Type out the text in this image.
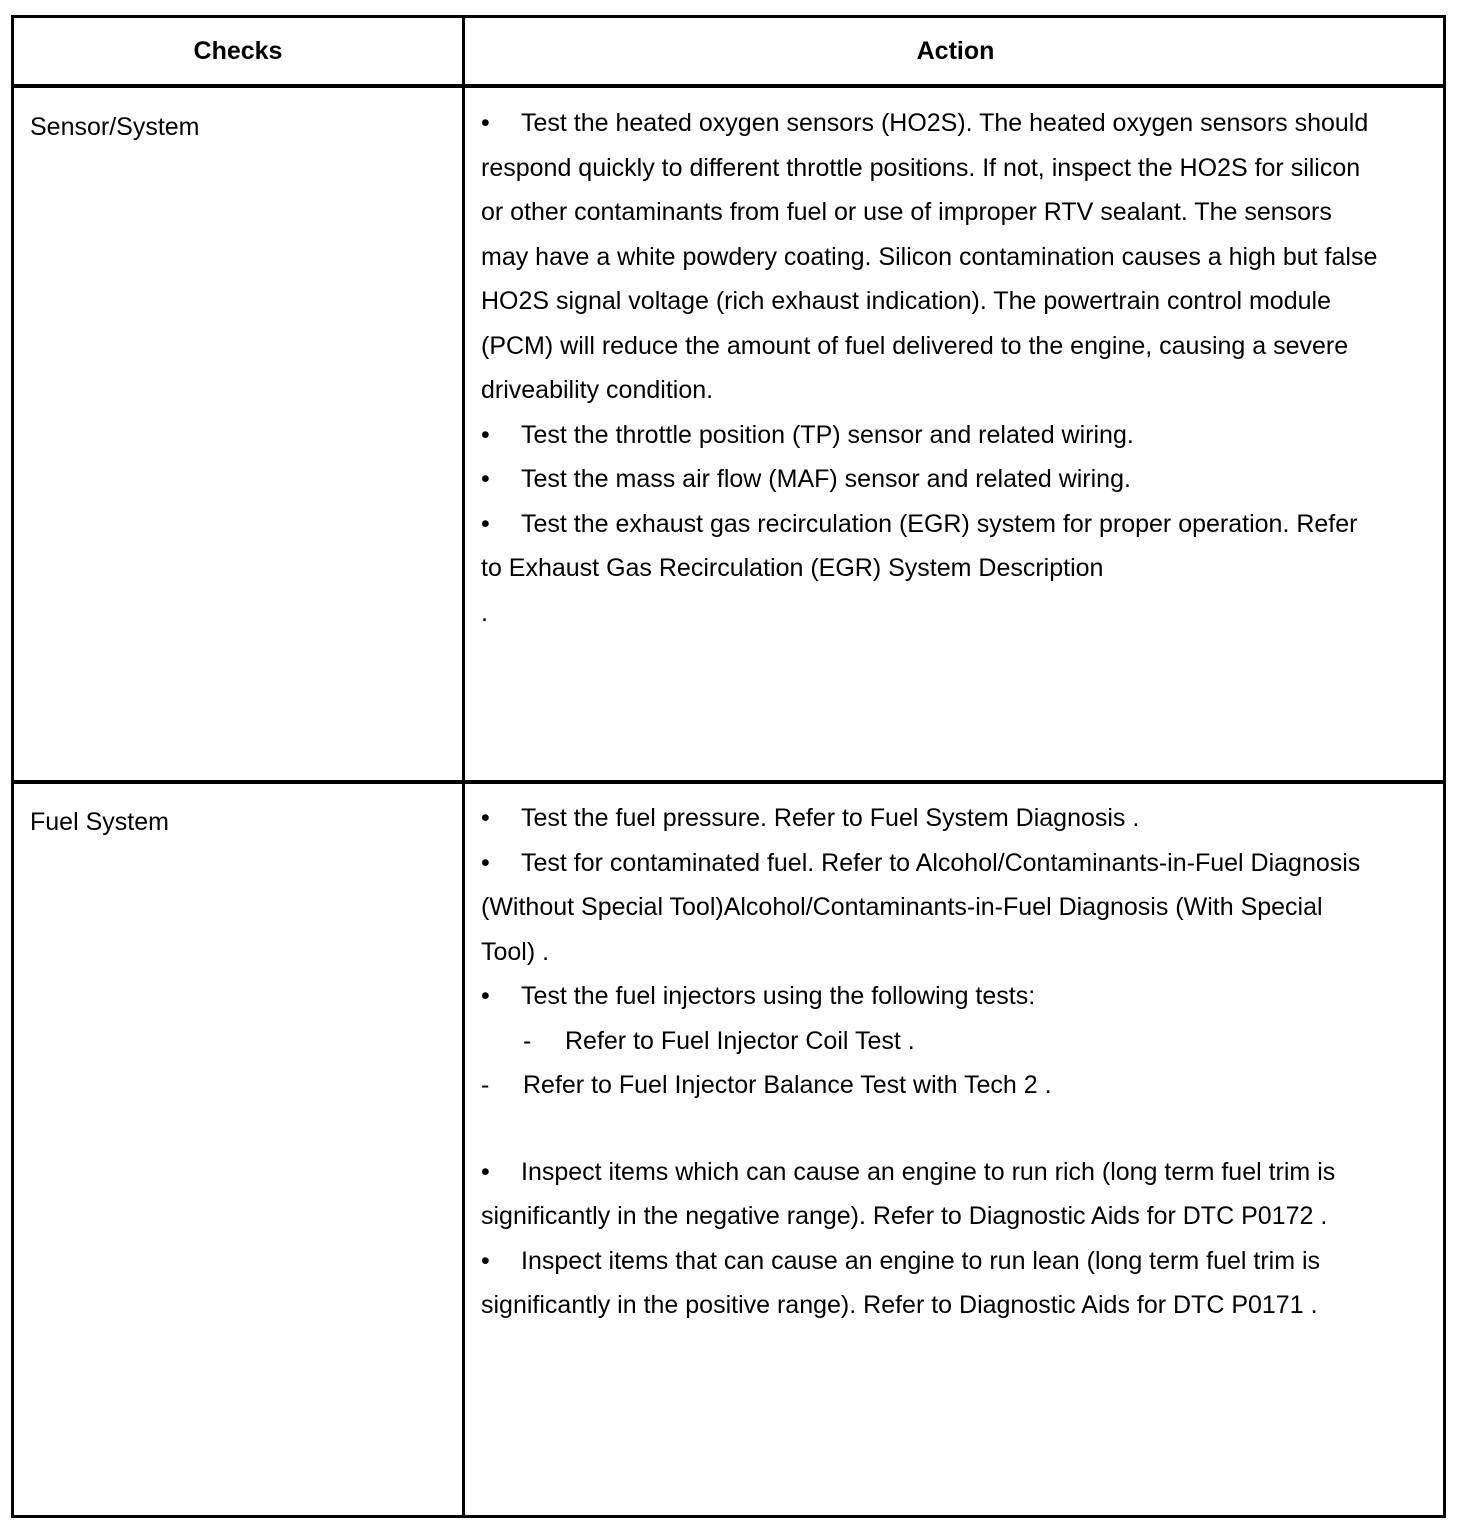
Checks	Action
Sensor/System	• Test the heated oxygen sensors (HO2S). The heated oxygen sensors should respond quickly to different throttle positions. If not, inspect the HO2S for silicon or other contaminants from fuel or use of improper RTV sealant. The sensors may have a white powdery coating. Silicon contamination causes a high but false HO2S signal voltage (rich exhaust indication). The powertrain control module (PCM) will reduce the amount of fuel delivered to the engine, causing a severe driveability condition.

• Test the throttle position (TP) sensor and related wiring.

• Test the mass air flow (MAF) sensor and related wiring.

• Test the exhaust gas recirculation (EGR) system for proper operation. Refer to Exhaust Gas Recirculation (EGR) System Description

.

Fuel System	• Test the fuel pressure. Refer to Fuel System Diagnosis .

• Test for contaminated fuel. Refer to Alcohol/Contaminants-in-Fuel Diagnosis (Without Special Tool)Alcohol/Contaminants-in-Fuel Diagnosis (With Special Tool) .

• Test the fuel injectors using the following tests:

- Refer to Fuel Injector Coil Test .

- Refer to Fuel Injector Balance Test with Tech 2 .

• Inspect items which can cause an engine to run rich (long term fuel trim is significantly in the negative range). Refer to Diagnostic Aids for DTC P0172 .

• Inspect items that can cause an engine to run lean (long term fuel trim is significantly in the positive range). Refer to Diagnostic Aids for DTC P0171 .
